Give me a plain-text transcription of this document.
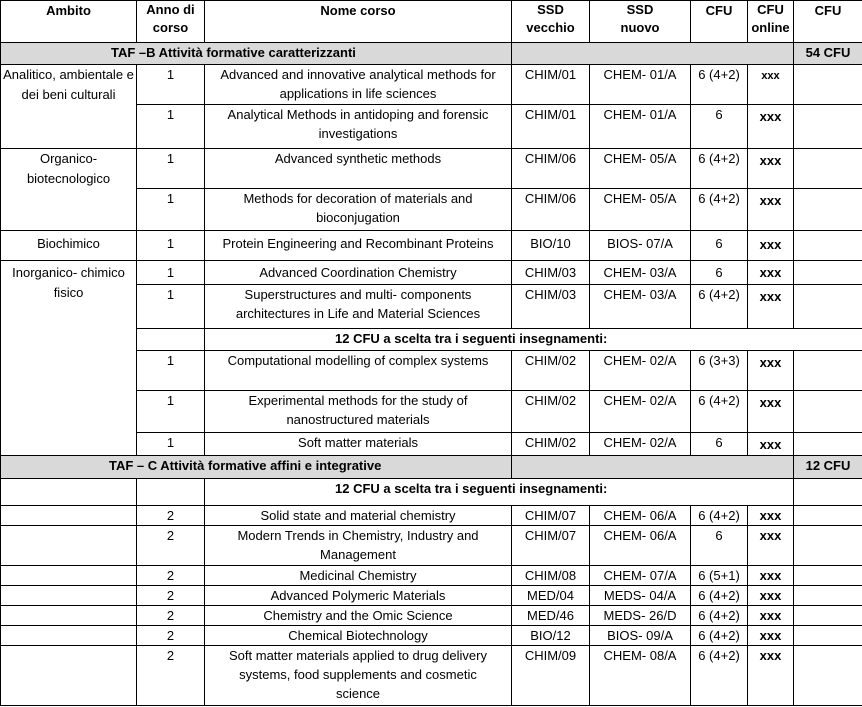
Ambito	Anno di corso	Nome corso	SSD vecchio	SSD nuovo	CFU	CFU online	CFU
TAF –B Attività formative caratterizzanti							54 CFU
Analitico, ambientale e dei beni culturali	1	Advanced and innovative analytical methods for applications in life sciences	CHIM/01	CHEM- 01/A	6 (4+2)	xxx	
	1	Analytical Methods in antidoping and forensic investigations	CHIM/01	CHEM- 01/A	6	xxx	
Organico-biotecnologico	1	Advanced synthetic methods	CHIM/06	CHEM- 05/A	6 (4+2)	xxx	
	1	Methods for decoration of materials and bioconjugation	CHIM/06	CHEM- 05/A	6 (4+2)	xxx	
Biochimico	1	Protein Engineering and Recombinant Proteins	BIO/10	BIOS- 07/A	6	xxx	
Inorganico- chimico fisico	1	Advanced Coordination Chemistry	CHIM/03	CHEM- 03/A	6	xxx	
	1	Superstructures and multi- components architectures in Life and Material Sciences	CHIM/03	CHEM- 03/A	6 (4+2)	xxx	
		12 CFU a scelta tra i seguenti insegnamenti:					
	1	Computational modelling of complex systems	CHIM/02	CHEM- 02/A	6 (3+3)	xxx	
	1	Experimental methods for the study of nanostructured materials	CHIM/02	CHEM- 02/A	6 (4+2)	xxx	
	1	Soft matter materials	CHIM/02	CHEM- 02/A	6	xxx	
TAF – C Attività formative affini e integrative							12 CFU
		12 CFU a scelta tra i seguenti insegnamenti:					
	2	Solid state and material chemistry	CHIM/07	CHEM- 06/A	6 (4+2)	xxx	
	2	Modern Trends in Chemistry, Industry and Management	CHIM/07	CHEM- 06/A	6	xxx	
	2	Medicinal Chemistry	CHIM/08	CHEM- 07/A	6 (5+1)	xxx	
	2	Advanced Polymeric Materials	MED/04	MEDS- 04/A	6 (4+2)	xxx	
	2	Chemistry and the Omic Science	MED/46	MEDS- 26/D	6 (4+2)	xxx	
	2	Chemical Biotechnology	BIO/12	BIOS- 09/A	6 (4+2)	xxx	
	2	Soft matter materials applied to drug delivery systems, food supplements and cosmetic science	CHIM/09	CHEM- 08/A	6 (4+2)	xxx	
